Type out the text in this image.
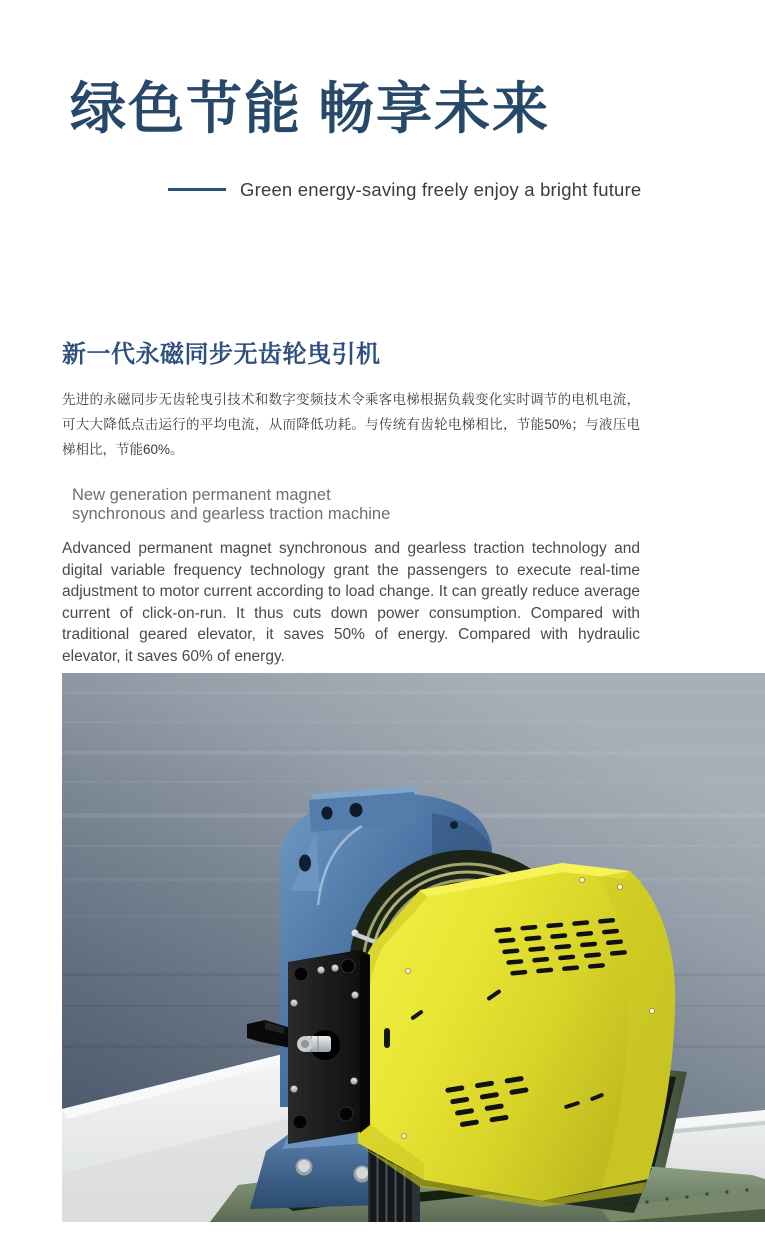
绿色节能 畅享未来
Green energy-saving freely enjoy a bright future
新一代永磁同步无齿轮曳引机

先进的永磁同步无齿轮曳引技术和数字变频技术令乘客电梯根据负载变化实时调节的电机电流，可大大降低点击运行的平均电流，从而降低功耗。与传统有齿轮电梯相比，节能50%；与液压电梯相比，节能60%。

New generation permanent magnet synchronous and gearless traction machine

Advanced permanent magnet synchronous and gearless traction technology and digital variable frequency technology grant the passengers to execute real-time adjustment to motor current according to load change. It can greatly reduce average current of click-on-run. It thus cuts down power consumption. Compared with traditional geared elevator, it saves 50% of energy. Compared with hydraulic elevator, it saves 60% of energy.
